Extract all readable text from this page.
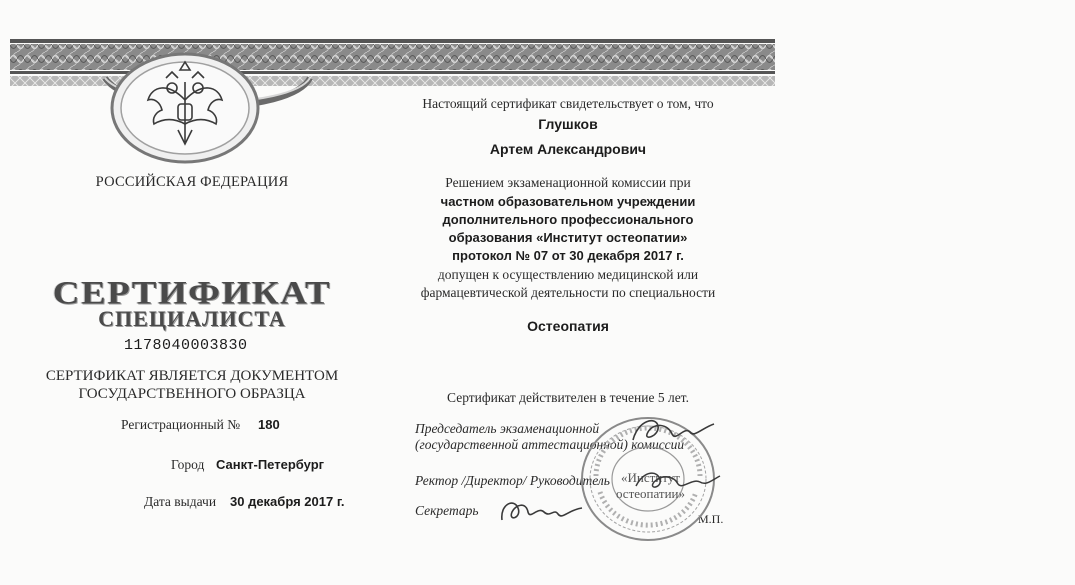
РОССИЙСКАЯ ФЕДЕРАЦИЯ
СЕРТИФИКАТ
СПЕЦИАЛИСТА
1178040003830
СЕРТИФИКАТ ЯВЛЯЕТСЯ ДОКУМЕНТОМ
ГОСУДАРСТВЕННОГО ОБРАЗЦА
Регистрационный № 180
Город Санкт-Петербург
Дата выдачи 30 декабря 2017 г.
Настоящий сертификат свидетельствует о том, что
Глушков
Артем Александрович
Решением экзаменационной комиссии при
частном образовательном учреждении
дополнительного профессионального
образования «Институт остеопатии»
протокол № 07 от 30 декабря 2017 г.
допущен к осуществлению медицинской или
фармацевтической деятельности по специальности
Остеопатия
Сертификат действителен в течение 5 лет.
Председатель экзаменационной
(государственной аттестационной) комиссии
Ректор /Директор/ Руководитель
Секретарь
М.П.
«Институт остеопатии»
